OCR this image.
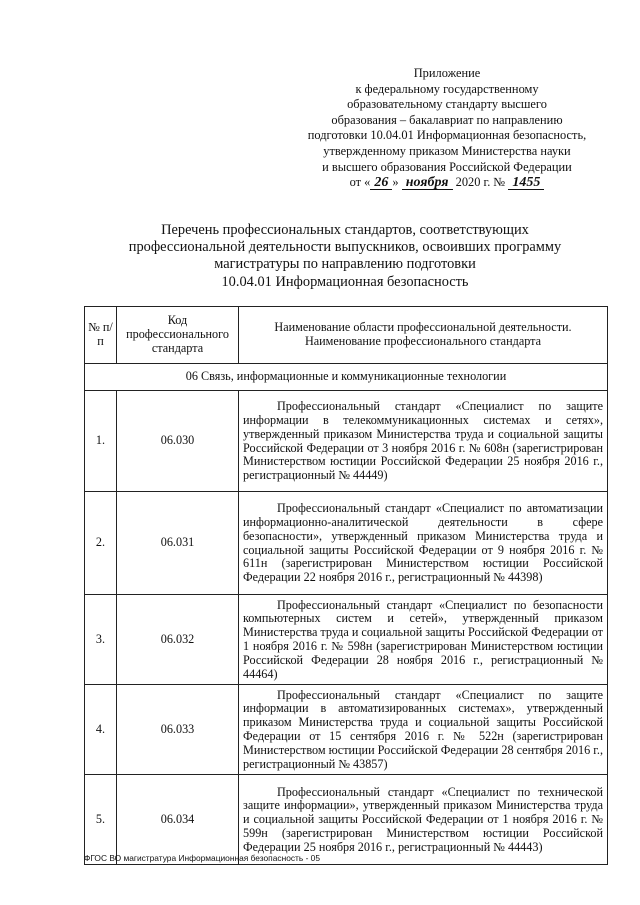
Приложение
к федеральному государственному
образовательному стандарту высшего
образования – бакалавриат по направлению
подготовки 10.04.01 Информационная безопасность,
утвержденному приказом Министерства науки
и высшего образования Российской Федерации
от « 26 » ноября 2020 г. № 1455
Перечень профессиональных стандартов, соответствующих
профессиональной деятельности выпускников, освоивших программу
магистратуры по направлению подготовки
10.04.01 Информационная безопасность
№ п/п	Код профессионального стандарта	Наименование области профессиональной деятельности. Наименование профессионального стандарта
06 Связь, информационные и коммуникационные технологии		
1.	06.030	Профессиональный стандарт «Специалист по защите информации в телекоммуникационных системах и сетях», утвержденный приказом Министерства труда и социальной защиты Российской Федерации от 3 ноября 2016 г. № 608н (зарегистрирован Министерством юстиции Российской Федерации 25 ноября 2016 г., регистрационный № 44449)
2.	06.031	Профессиональный стандарт «Специалист по автоматизации информационно-аналитической деятельности в сфере безопасности», утвержденный приказом Министерства труда и социальной защиты Российской Федерации от 9 ноября 2016 г. № 611н (зарегистрирован Министерством юстиции Российской Федерации 22 ноября 2016 г., регистрационный № 44398)
3.	06.032	Профессиональный стандарт «Специалист по безопасности компьютерных систем и сетей», утвержденный приказом Министерства труда и социальной защиты Российской Федерации от 1 ноября 2016 г. № 598н (зарегистрирован Министерством юстиции Российской Федерации 28 ноября 2016 г., регистрационный № 44464)
4.	06.033	Профессиональный стандарт «Специалист по защите информации в автоматизированных системах», утвержденный приказом Министерства труда и социальной защиты Российской Федерации от 15 сентября 2016 г. № 522н (зарегистрирован Министерством юстиции Российской Федерации 28 сентября 2016 г., регистрационный № 43857)
5.	06.034	Профессиональный стандарт «Специалист по технической защите информации», утвержденный приказом Министерства труда и социальной защиты Российской Федерации от 1 ноября 2016 г. № 599н (зарегистрирован Министерством юстиции Российской Федерации 25 ноября 2016 г., регистрационный № 44443)
ФГОС ВО магистратура Информационная безопасность - 05
